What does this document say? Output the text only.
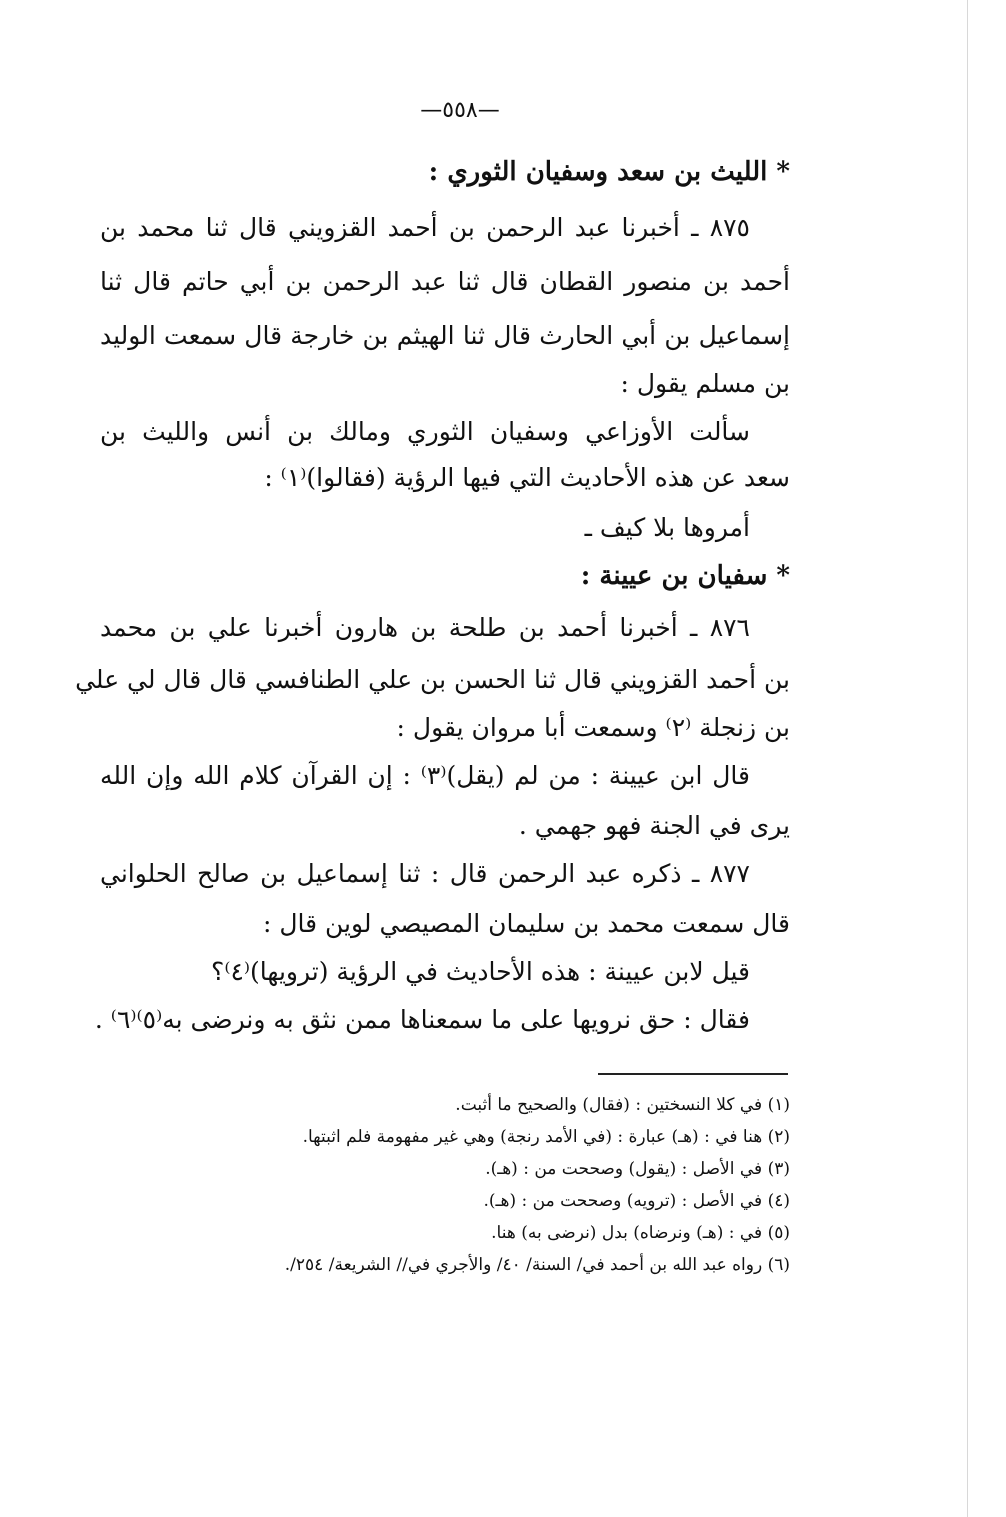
—٥٥٨—
* الليث بن سعد وسفيان الثوري :
٨٧٥ ـ أخبرنا عبد الرحمن بن أحمد القزويني قال ثنا محمد بن
أحمد بن منصور القطان قال ثنا عبد الرحمن بن أبي حاتم قال ثنا
إسماعيل بن أبي الحارث قال ثنا الهيثم بن خارجة قال سمعت الوليد
بن مسلم يقول :
سألت الأوزاعي وسفيان الثوري ومالك بن أنس والليث بن
سعد عن هذه الأحاديث التي فيها الرؤية (فقالوا)⁽١⁾ :
أمروها بلا كيف ـ
* سفيان بن عيينة :
٨٧٦ ـ أخبرنا أحمد بن طلحة بن هارون أخبرنا علي بن محمد
بن أحمد القزويني قال ثنا الحسن بن علي الطنافسي قال قال لي علي
بن زنجلة ⁽٢⁾ وسمعت أبا مروان يقول :
قال ابن عيينة : من لم (يقل)⁽٣⁾ : إن القرآن كلام الله وإن الله
يرى في الجنة فهو جهمي .
٨٧٧ ـ ذكره عبد الرحمن قال : ثنا إسماعيل بن صالح الحلواني
قال سمعت محمد بن سليمان المصيصي لوين قال :
قيل لابن عيينة : هذه الأحاديث في الرؤية (ترويها)⁽٤⁾؟
فقال : حق نرويها على ما سمعناها ممن نثق به ونرضى به⁽٥⁾⁽٦⁾ .
(١) في كلا النسختين : (فقال) والصحيح ما أثبت.
(٢) هنا في : (هـ) عبارة : (في الأمد رنجة) وهي غير مفهومة فلم اثبتها.
(٣) في الأصل : (يقول) وصححت من : (هـ).
(٤) في الأصل : (ترويه) وصححت من : (هـ).
(٥) في : (هـ) ونرضاه) بدل (نرضى به) هنا.
(٦) رواه عبد الله بن أحمد في/ السنة/ ٤٠/ والأجري في// الشريعة/ ٢٥٤/.
